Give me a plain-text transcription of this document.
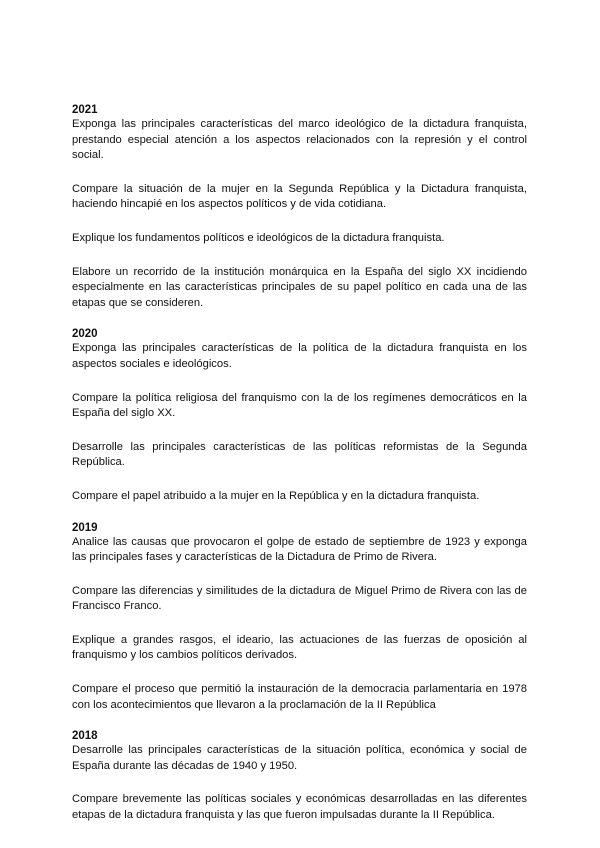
2021

Exponga las principales características del marco ideológico de la dictadura franquista, prestando especial atención a los aspectos relacionados con la represión y el control social.

Compare la situación de la mujer en la Segunda República y la Dictadura franquista, haciendo hincapié en los aspectos políticos y de vida cotidiana.

Explique los fundamentos políticos e ideológicos de la dictadura franquista.

Elabore un recorrido de la institución monárquica en la España del siglo XX incidiendo especialmente en las características principales de su papel político en cada una de las etapas que se consideren.

2020

Exponga las principales características de la política de la dictadura franquista en los aspectos sociales e ideológicos.

Compare la política religiosa del franquismo con la de los regímenes democráticos en la España del siglo XX.

Desarrolle las principales características de las políticas reformistas de la Segunda República.

Compare el papel atribuido a la mujer en la República y en la dictadura franquista.

2019

Analice las causas que provocaron el golpe de estado de septiembre de 1923 y exponga las principales fases y características de la Dictadura de Primo de Rivera.

Compare las diferencias y similitudes de la dictadura de Miguel Primo de Rivera con las de Francisco Franco.

Explique a grandes rasgos, el ideario, las actuaciones de las fuerzas de oposición al franquismo y los cambios políticos derivados.

Compare el proceso que permitió la instauración de la democracia parlamentaria en 1978 con los acontecimientos que llevaron a la proclamación de la II República

2018

Desarrolle las principales características de la situación política, económica y social de España durante las décadas de 1940 y 1950.

Compare brevemente las políticas sociales y económicas desarrolladas en las diferentes etapas de la dictadura franquista y las que fueron impulsadas durante la II República.
